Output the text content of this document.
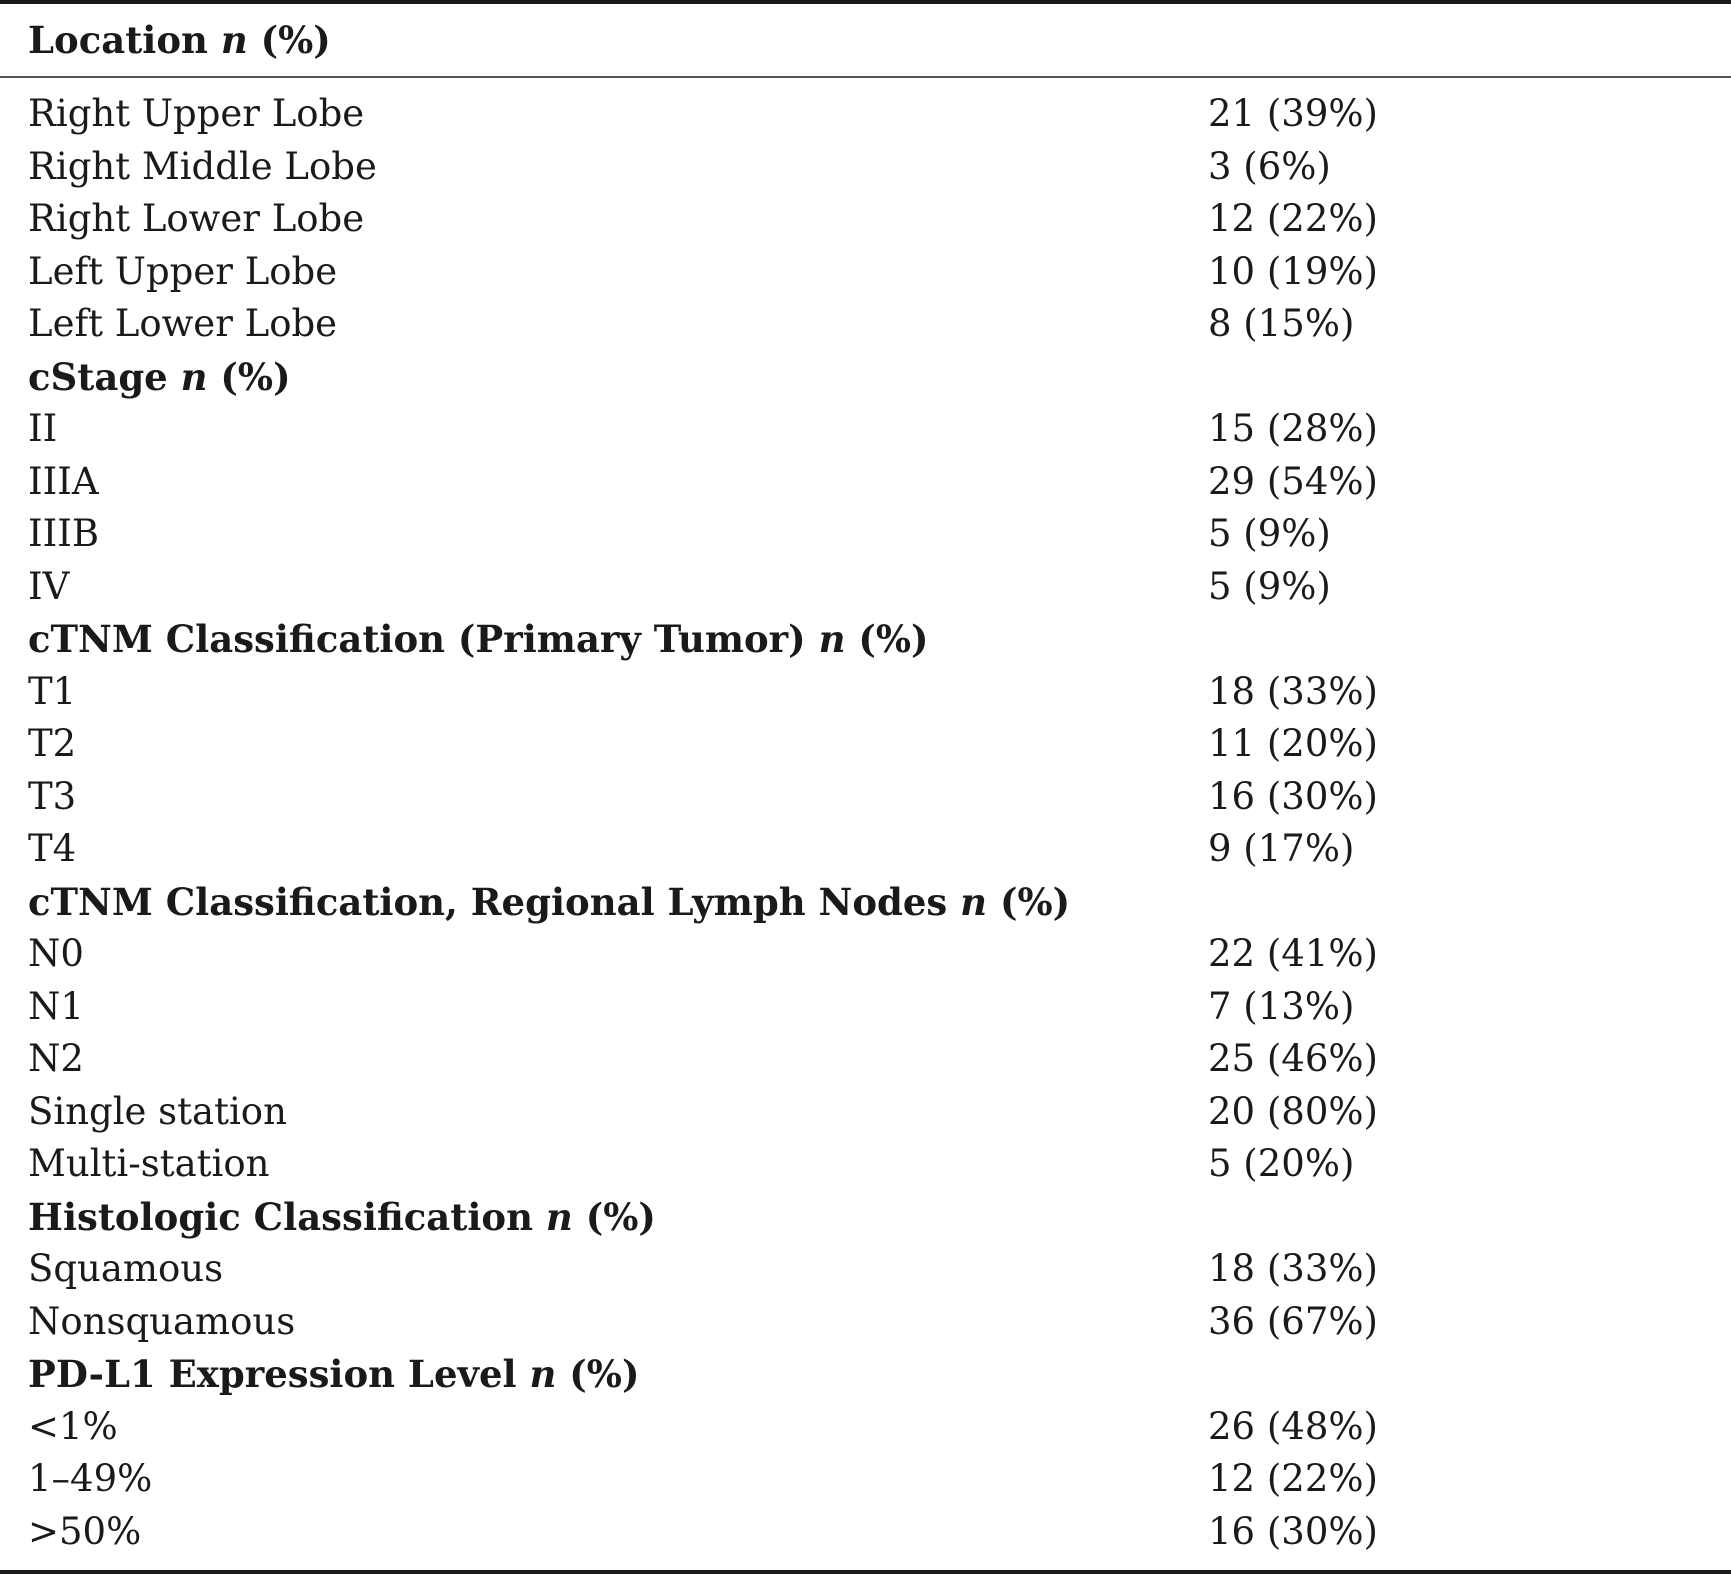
Location n (%)
Right Upper Lobe	21 (39%)
Right Middle Lobe	3 (6%)
Right Lower Lobe	12 (22%)
Left Upper Lobe	10 (19%)
Left Lower Lobe	8 (15%)
cStage n (%)
II	15 (28%)
IIIA	29 (54%)
IIIB	5 (9%)
IV	5 (9%)
cTNM Classification (Primary Tumor) n (%)
T1	18 (33%)
T2	11 (20%)
T3	16 (30%)
T4	9 (17%)
cTNM Classification, Regional Lymph Nodes n (%)
N0	22 (41%)
N1	7 (13%)
N2	25 (46%)
Single station	20 (80%)
Multi-station	5 (20%)
Histologic Classification n (%)
Squamous	18 (33%)
Nonsquamous	36 (67%)
PD-L1 Expression Level n (%)
<1%	26 (48%)
1–49%	12 (22%)
>50%	16 (30%)
